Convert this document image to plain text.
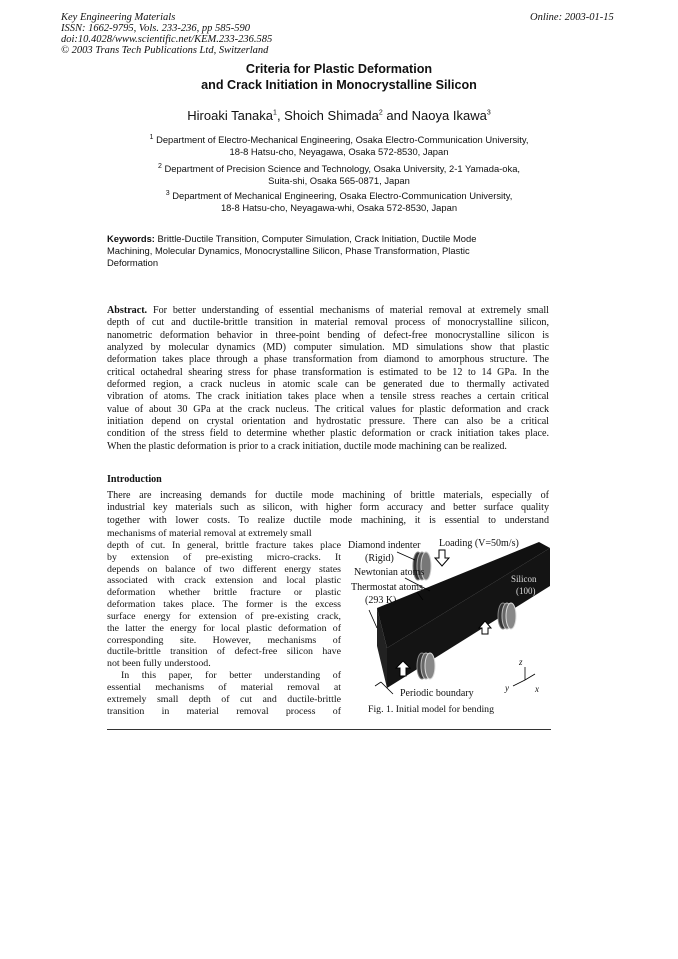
Key Engineering Materials
ISSN: 1662-9795, Vols. 233-236, pp 585-590
doi:10.4028/www.scientific.net/KEM.233-236.585
© 2003 Trans Tech Publications Ltd, Switzerland
Online: 2003-01-15
Criteria for Plastic Deformation
and Crack Initiation in Monocrystalline Silicon
Hiroaki Tanaka$^1$, Shoich Shimada$^2$ and Naoya Ikawa$^3$
$^1$ Department of Electro-Mechanical Engineering, Osaka Electro-Communication University,
18-8 Hatsu-cho, Neyagawa, Osaka 572-8530, Japan
$^2$ Department of Precision Science and Technology, Osaka University, 2-1 Yamada-oka,
Suita-shi, Osaka 565-0871, Japan
$^3$ Department of Mechanical Engineering, Osaka Electro-Communication University,
18-8 Hatsu-cho, Neyagawa-whi, Osaka 572-8530, Japan
Keywords: Brittle-Ductile Transition, Computer Simulation, Crack Initiation, Ductile Mode
Machining, Molecular Dynamics, Monocrystalline Silicon, Phase Transformation, Plastic
Deformation
Abstract. For better understanding of essential mechanisms of material removal at extremely small
depth of cut and ductile-brittle transition in material removal process of monocrystalline silicon,
nanometric deformation behavior in three-point bending of defect-free monocrystalline silicon is
analyzed by molecular dynamics (MD) computer simulation. MD simulations show that plastic
deformation takes place through a phase transformation from diamond to amorphous structure. The
critical octahedral shearing stress for phase transformation is estimated to be 12 to 14 GPa. In the
deformed region, a crack nucleus in atomic scale can be generated due to thermally activated
vibration of atoms. The crack initiation takes place when a tensile stress reaches a certain critical
value of about 30 GPa at the crack nucleus. The critical values for plastic deformation and crack
initiation depend on crystal orientation and hydrostatic pressure. There can also be a critical
condition of the stress field to determine whether plastic deformation or crack initiation takes place.
When the plastic deformation is prior to a crack initiation, ductile mode machining can be realized.
Introduction
There are increasing demands for ductile mode machining of brittle materials, especially of
industrial key materials such as silicon, with higher form accuracy and better surface quality
together with lower costs. To realize ductile mode machining, it is essential to understand
mechanisms of material removal at extremely small
depth of cut. In general, brittle fracture takes place
by extension of pre-existing micro-cracks. It
depends on balance of two different energy states
associated with crack extension and local plastic
deformation whether brittle fracture or plastic
deformation takes place. The former is the excess
surface energy for extension of pre-existing crack,
the latter the energy for local plastic deformation of
corresponding site. However, mechanisms of
ductile-brittle transition of defect-free silicon have
not been fully understood.
In this paper, for better understanding of
essential mechanisms of material removal at
extremely small depth of cut and ductile-brittle
transition in material removal process of
Diamond indenter
(Rigid)
Loading (V=50m/s)
Newtonian atoms
Thermostat atoms
(293 K)
Silicon
(100)
Periodic boundary
z
y	x
Fig. 1. Initial model for bending
